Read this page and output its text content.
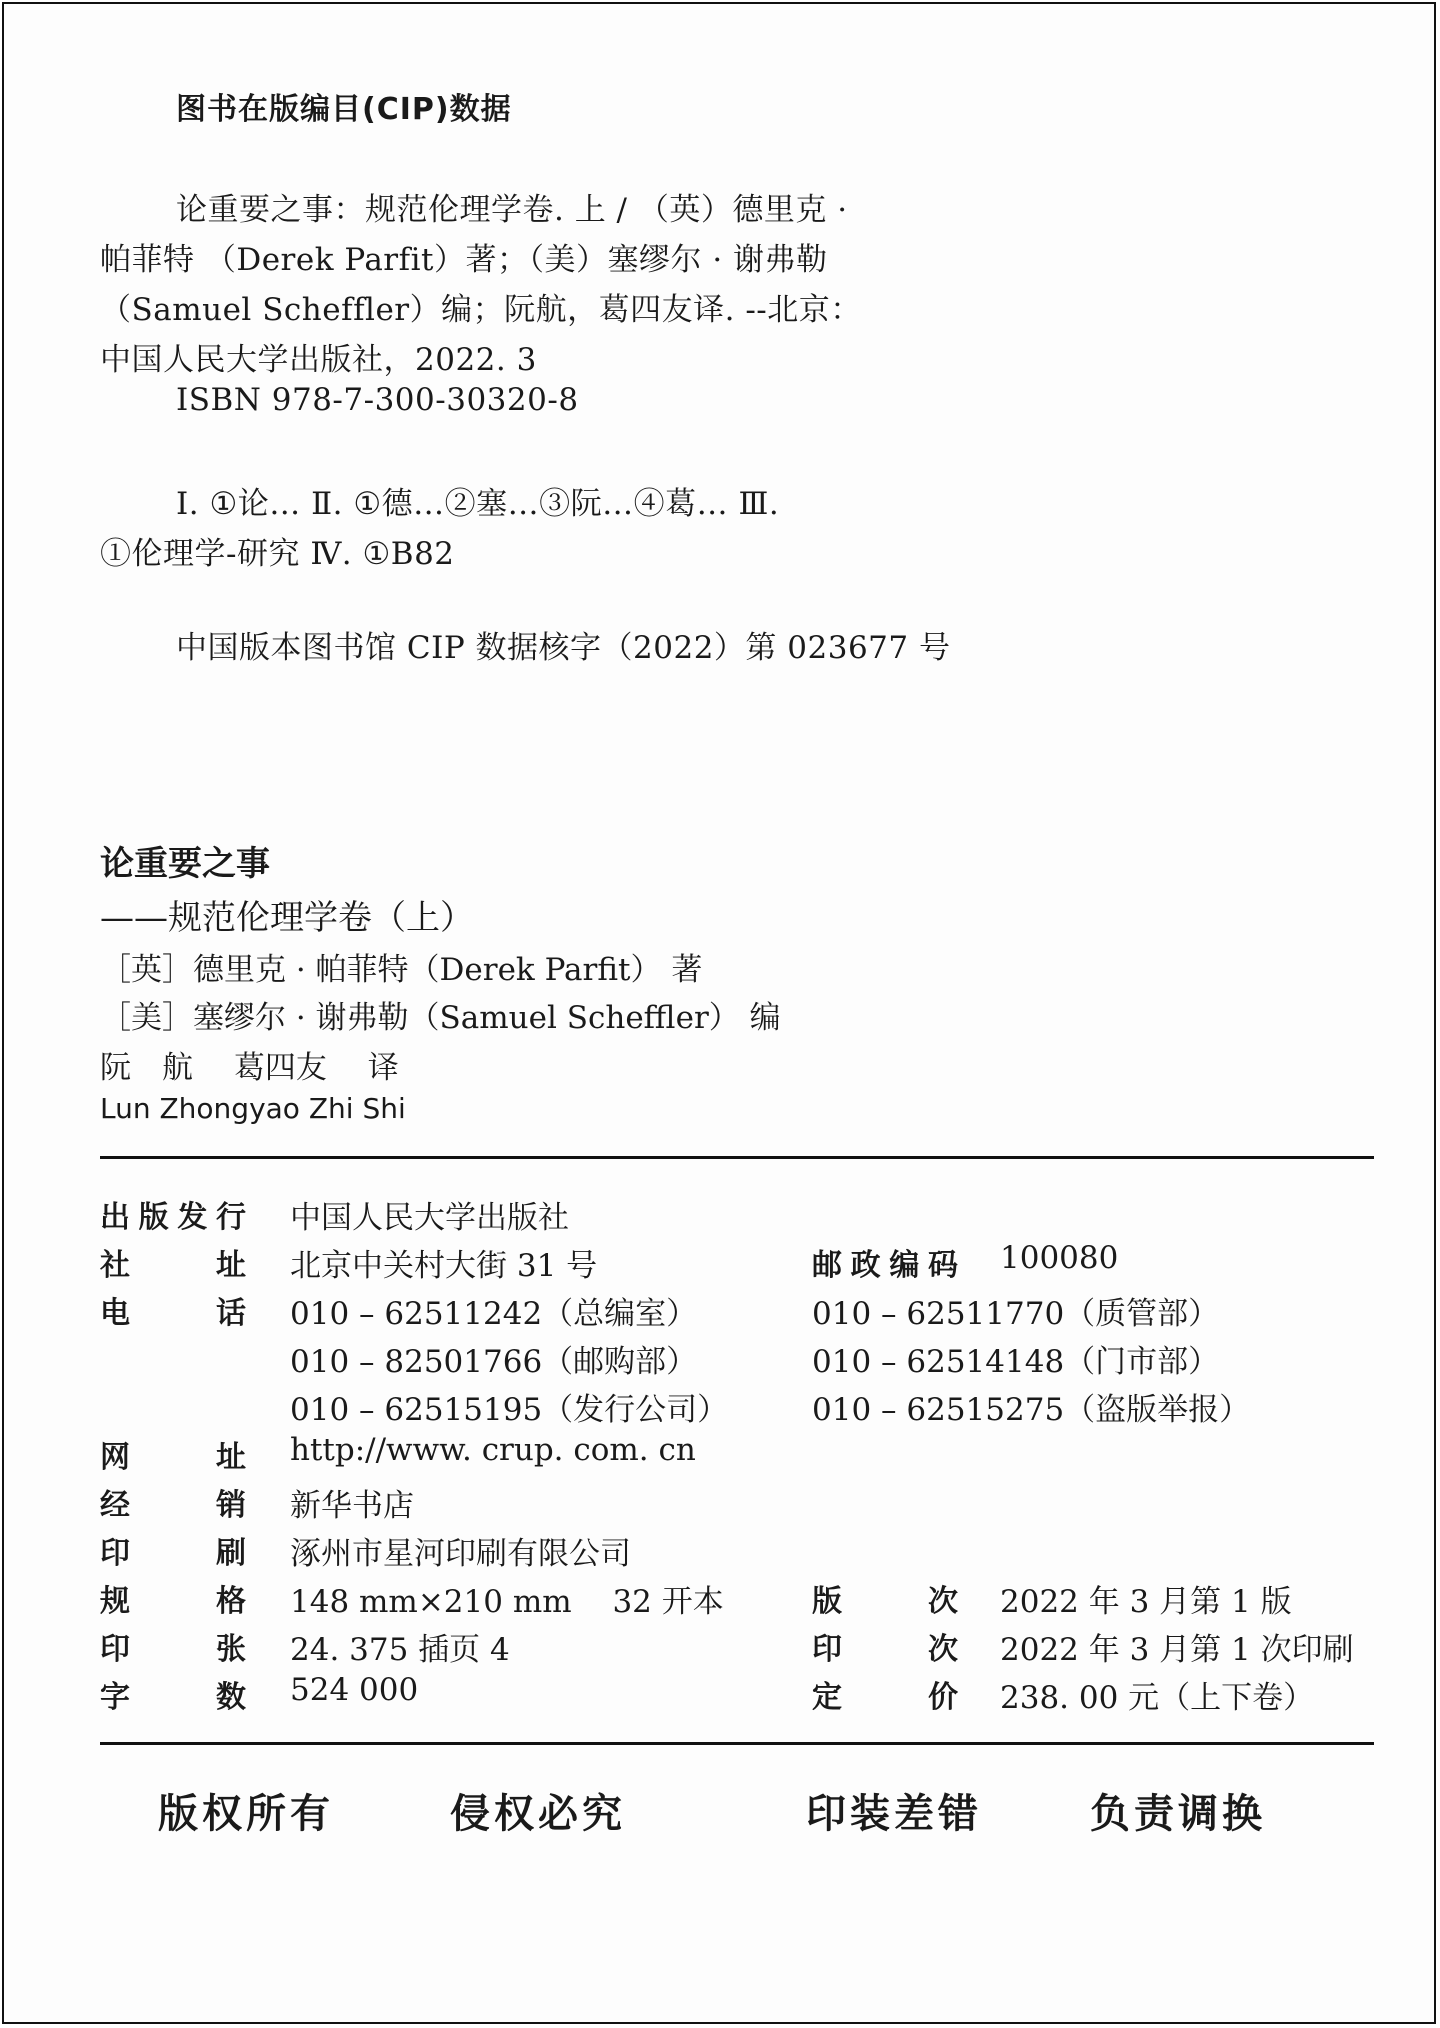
图书在版编目(CIP)数据
论重要之事：规范伦理学卷. 上 / （英）德里克 ·
帕菲特 （Derek Parfit）著；（美）塞缪尔 · 谢弗勒
（Samuel Scheffler）编；阮航，葛四友译. --北京：
中国人民大学出版社，2022. 3
ISBN 978-7-300-30320-8
Ⅰ. ①论… Ⅱ. ①德…②塞…③阮…④葛… Ⅲ.
①伦理学-研究 Ⅳ. ①B82
中国版本图书馆 CIP 数据核字（2022）第 023677 号
论重要之事
——规范伦理学卷（上）
［英］德里克 · 帕菲特（Derek Parfit） 著
［美］塞缪尔 · 谢弗勒（Samuel Scheffler） 编
阮　航　 葛四友　 译
Lun Zhongyao Zhi Shi
出 版 发 行 中国人民大学出版社
社	址 北京中关村大街 31 号	邮 政 编 码 100080
电	话 010 – 62511242（总编室）	010 – 62511770（质管部）
010 – 82501766（邮购部）	010 – 62514148（门市部）
010 – 62515195（发行公司）	010 – 62515275（盗版举报）
网	址 http://www. crup. com. cn
经	销 新华书店
印	刷 涿州市星河印刷有限公司
规	格 148 mm×210 mm　 32 开本	版	次 2022 年 3 月第 1 版
印	张 24. 375 插页 4	印	次 2022 年 3 月第 1 次印刷
字	数 524 000	定	价 238. 00 元（上下卷）
版权所有	侵权必究	印装差错	负责调换
